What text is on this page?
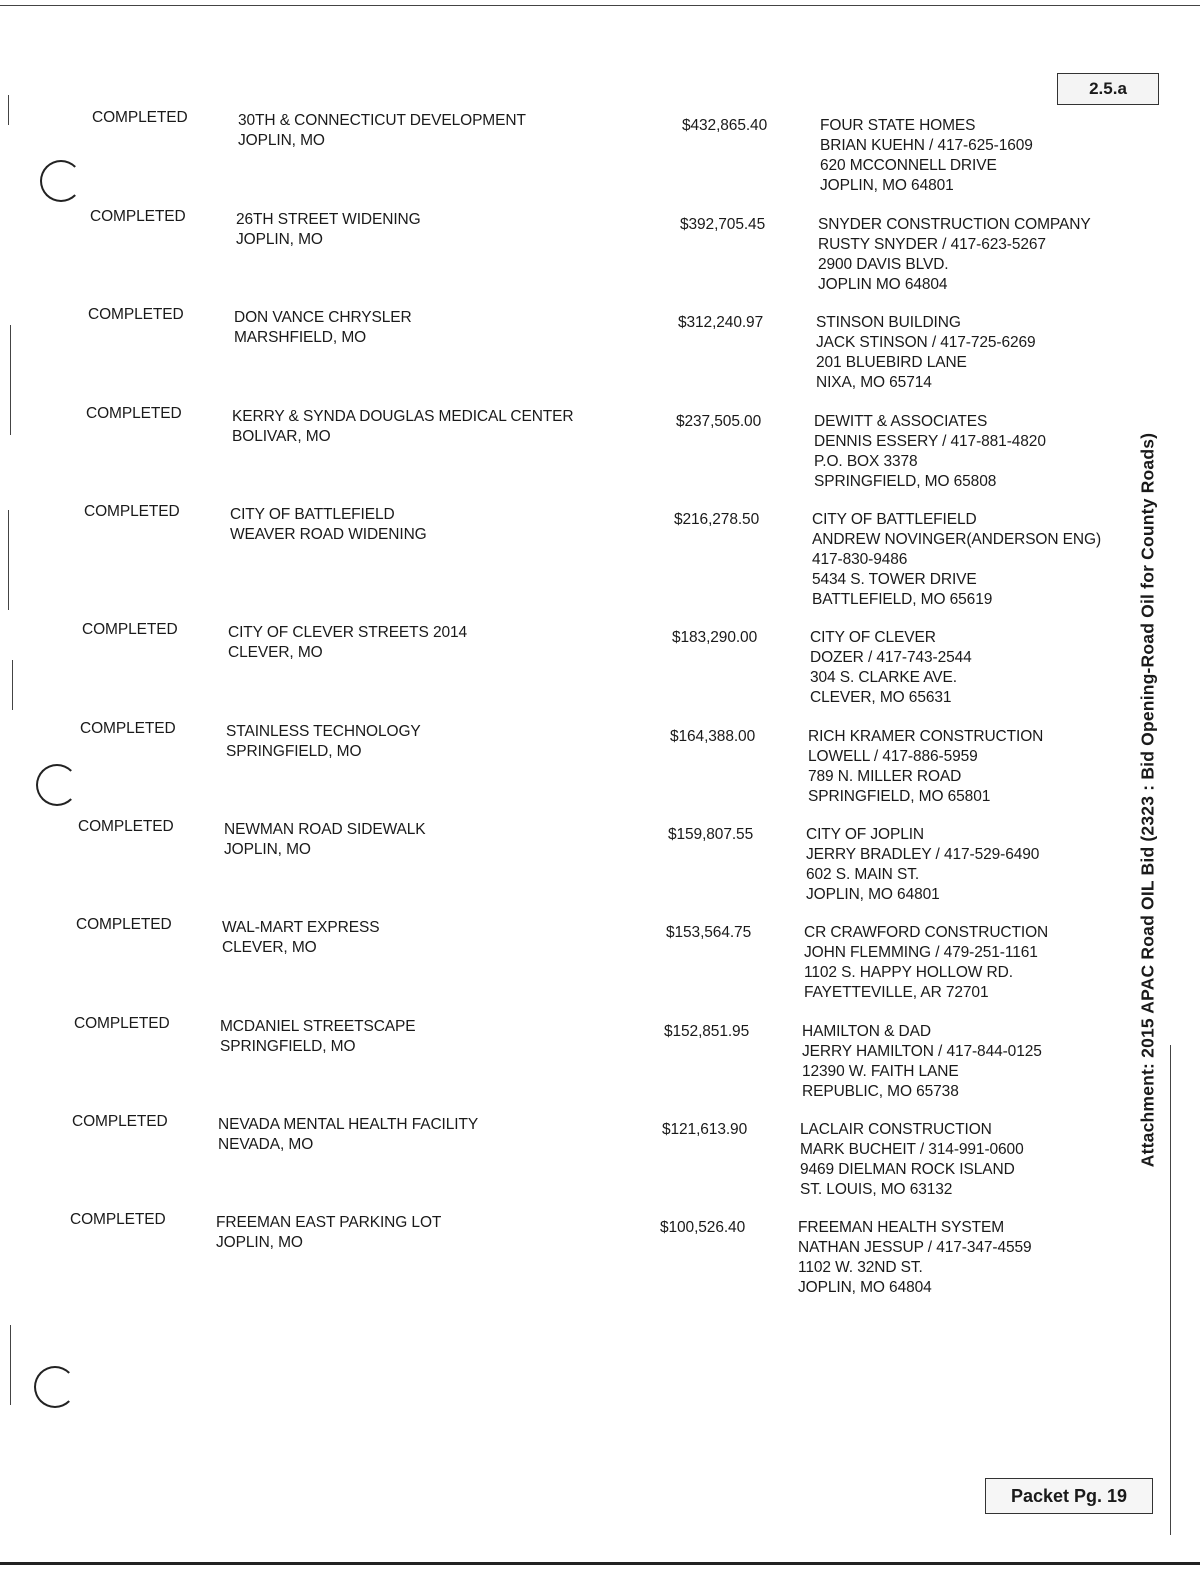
2.5.a
Attachment: 2015 APAC Road OIL Bid (2323 : Bid Opening-Road Oil for County Roads)
COMPLETED	30TH & CONNECTICUT DEVELOPMENT
JOPLIN, MO
$432,865.40	FOUR STATE HOMES
BRIAN KUEHN / 417-625-1609
620 MCCONNELL DRIVE
JOPLIN, MO 64801
COMPLETED	26TH STREET WIDENING
JOPLIN, MO
$392,705.45	SNYDER CONSTRUCTION COMPANY
RUSTY SNYDER / 417-623-5267
2900 DAVIS BLVD.
JOPLIN MO 64804
COMPLETED	DON VANCE CHRYSLER
MARSHFIELD, MO
$312,240.97	STINSON BUILDING
JACK STINSON / 417-725-6269
201 BLUEBIRD LANE
NIXA, MO 65714
COMPLETED	KERRY & SYNDA DOUGLAS MEDICAL CENTER
BOLIVAR, MO
$237,505.00	DEWITT & ASSOCIATES
DENNIS ESSERY / 417-881-4820
P.O. BOX 3378
SPRINGFIELD, MO 65808
COMPLETED	CITY OF BATTLEFIELD
WEAVER ROAD WIDENING
$216,278.50	CITY OF BATTLEFIELD
ANDREW NOVINGER(ANDERSON ENG)
417-830-9486
5434 S. TOWER DRIVE
BATTLEFIELD, MO 65619
COMPLETED	CITY OF CLEVER STREETS 2014
CLEVER, MO
$183,290.00	CITY OF CLEVER
DOZER / 417-743-2544
304 S. CLARKE AVE.
CLEVER, MO 65631
COMPLETED	STAINLESS TECHNOLOGY
SPRINGFIELD, MO
$164,388.00	RICH KRAMER CONSTRUCTION
LOWELL / 417-886-5959
789 N. MILLER ROAD
SPRINGFIELD, MO 65801
COMPLETED	NEWMAN ROAD SIDEWALK
JOPLIN, MO
$159,807.55	CITY OF JOPLIN
JERRY BRADLEY / 417-529-6490
602 S. MAIN ST.
JOPLIN, MO 64801
COMPLETED	WAL-MART EXPRESS
CLEVER, MO
$153,564.75	CR CRAWFORD CONSTRUCTION
JOHN FLEMMING / 479-251-1161
1102 S. HAPPY HOLLOW RD.
FAYETTEVILLE, AR 72701
COMPLETED	MCDANIEL STREETSCAPE
SPRINGFIELD, MO
$152,851.95	HAMILTON & DAD
JERRY HAMILTON / 417-844-0125
12390 W. FAITH LANE
REPUBLIC, MO 65738
COMPLETED	NEVADA MENTAL HEALTH FACILITY
NEVADA, MO
$121,613.90	LACLAIR CONSTRUCTION
MARK BUCHEIT / 314-991-0600
9469 DIELMAN ROCK ISLAND
ST. LOUIS, MO 63132
COMPLETED	FREEMAN EAST PARKING LOT
JOPLIN, MO
$100,526.40	FREEMAN HEALTH SYSTEM
NATHAN JESSUP / 417-347-4559
1102 W. 32ND ST.
JOPLIN, MO 64804
Packet Pg. 19
